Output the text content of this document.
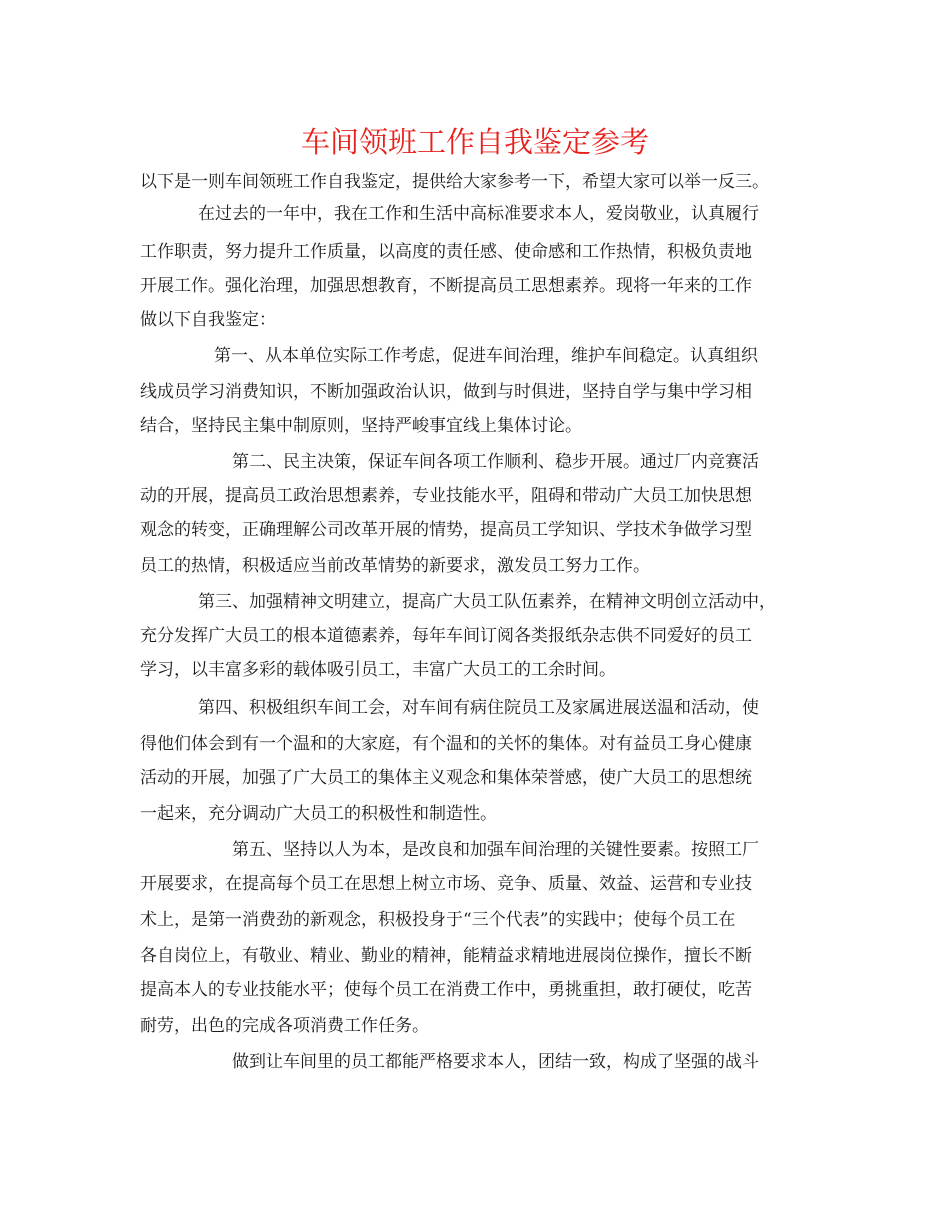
车间领班工作自我鉴定参考
以下是一则车间领班工作自我鉴定，提供给大家参考一下，希望大家可以举一反三。
在过去的一年中，我在工作和生活中高标准要求本人，爱岗敬业，认真履行
工作职责，努力提升工作质量，以高度的责任感、使命感和工作热情，积极负责地
开展工作。强化治理，加强思想教育，不断提高员工思想素养。现将一年来的工作
做以下自我鉴定：
第一、从本单位实际工作考虑，促进车间治理，维护车间稳定。认真组织
线成员学习消费知识，不断加强政治认识，做到与时俱进，坚持自学与集中学习相
结合，坚持民主集中制原则，坚持严峻事宜线上集体讨论。
第二、民主决策，保证车间各项工作顺利、稳步开展。通过厂内竞赛活
动的开展，提高员工政治思想素养，专业技能水平，阻碍和带动广大员工加快思想
观念的转变，正确理解公司改革开展的情势，提高员工学知识、学技术争做学习型
员工的热情，积极适应当前改革情势的新要求，激发员工努力工作。
第三、加强精神文明建立，提高广大员工队伍素养，在精神文明创立活动中，
充分发挥广大员工的根本道德素养，每年车间订阅各类报纸杂志供不同爱好的员工
学习，以丰富多彩的载体吸引员工，丰富广大员工的工余时间。
第四、积极组织车间工会，对车间有病住院员工及家属进展送温和活动，使
得他们体会到有一个温和的大家庭，有个温和的关怀的集体。对有益员工身心健康
活动的开展，加强了广大员工的集体主义观念和集体荣誉感，使广大员工的思想统
一起来，充分调动广大员工的积极性和制造性。
第五、坚持以人为本，是改良和加强车间治理的关键性要素。按照工厂
开展要求，在提高每个员工在思想上树立市场、竞争、质量、效益、运营和专业技
术上，是第一消费劲的新观念，积极投身于“三个代表”的实践中；使每个员工在
各自岗位上，有敬业、精业、勤业的精神，能精益求精地进展岗位操作，擅长不断
提高本人的专业技能水平；使每个员工在消费工作中，勇挑重担，敢打硬仗，吃苦
耐劳，出色的完成各项消费工作任务。
做到让车间里的员工都能严格要求本人，团结一致，构成了坚强的战斗
